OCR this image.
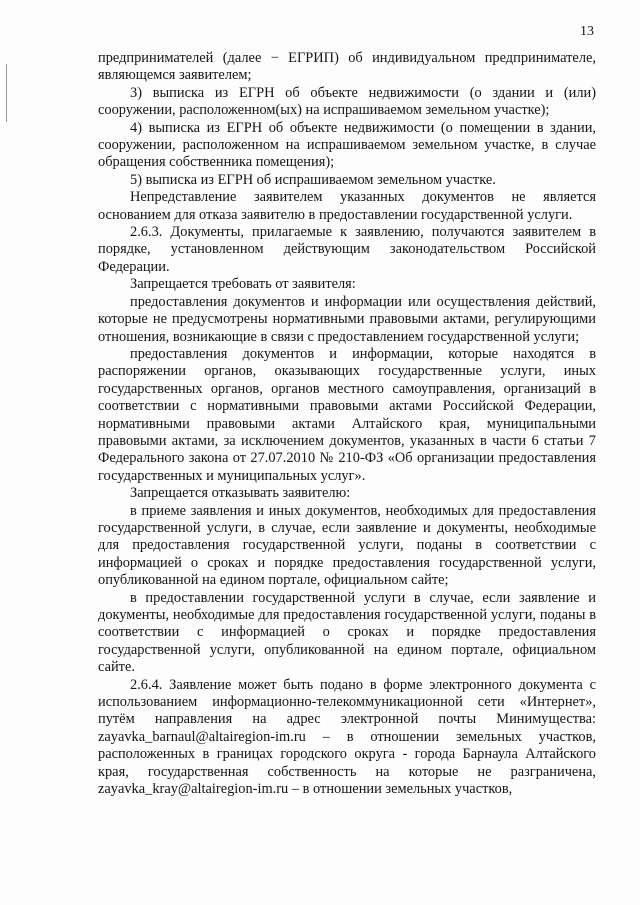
13

предпринимателей (далее − ЕГРИП) об индивидуальном предпринимателе, являющемся заявителем;

3) выписка из ЕГРН об объекте недвижимости (о здании и (или) сооружении, расположенном(ых) на испрашиваемом земельном участке);

4) выписка из ЕГРН об объекте недвижимости (о помещении в здании, сооружении, расположенном на испрашиваемом земельном участке, в случае обращения собственника помещения);

5) выписка из ЕГРН об испрашиваемом земельном участке.

Непредставление заявителем указанных документов не является основанием для отказа заявителю в предоставлении государственной услуги.

2.6.3. Документы, прилагаемые к заявлению, получаются заявителем в порядке, установленном действующим законодательством Российской Федерации.

Запрещается требовать от заявителя:

предоставления документов и информации или осуществления действий, которые не предусмотрены нормативными правовыми актами, регулирующими отношения, возникающие в связи с предоставлением государственной услуги;

предоставления документов и информации, которые находятся в распоряжении органов, оказывающих государственные услуги, иных государственных органов, органов местного самоуправления, организаций в соответствии с нормативными правовыми актами Российской Федерации, нормативными правовыми актами Алтайского края, муниципальными правовыми актами, за исключением документов, указанных в части 6 статьи 7 Федерального закона от 27.07.2010 № 210-ФЗ «Об организации предоставления государственных и муниципальных услуг».

Запрещается отказывать заявителю:

в приеме заявления и иных документов, необходимых для предоставления государственной услуги, в случае, если заявление и документы, необходимые для предоставления государственной услуги, поданы в соответствии с информацией о сроках и порядке предоставления государственной услуги, опубликованной на едином портале, официальном сайте;

в предоставлении государственной услуги в случае, если заявление и документы, необходимые для предоставления государственной услуги, поданы в соответствии с информацией о сроках и порядке предоставления государственной услуги, опубликованной на едином портале, официальном сайте.

2.6.4. Заявление может быть подано в форме электронного документа с использованием информационно-телекоммуникационной сети «Интернет», путём направления на адрес электронной почты Минимущества: zayavka_barnaul@altairegion-im.ru – в отношении земельных участков, расположенных в границах городского округа - города Барнаула Алтайского края, государственная собственность на которые не разграничена, zayavka_kray@altairegion-im.ru – в отношении земельных участков,
